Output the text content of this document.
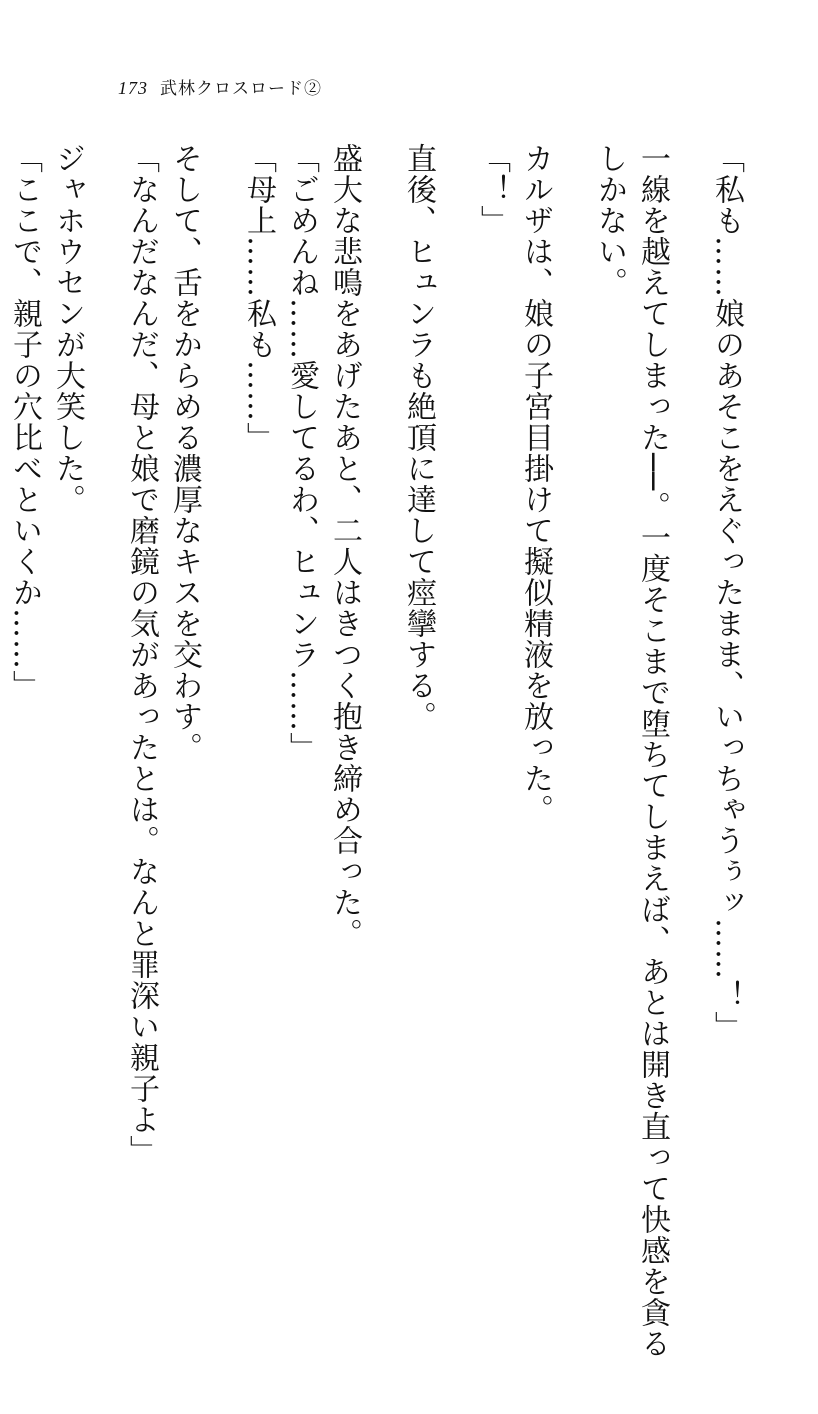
173 武林クロスロード②

「私も……娘のあそこをえぐったまま、いっちゃうぅッ……！」

一線を越えてしまった──。一度そこまで堕ちてしまえば、あとは開き直って快感を貪る

しかない。

カルザは、娘の子宮目掛けて擬似精液を放った。

「！」

直後、ヒュンラも絶頂に達して痙攣する。

盛大な悲鳴をあげたあと、二人はきつく抱き締め合った。

「ごめんね……愛してるわ、ヒュンラ……」

「母上……私も……」

そして、舌をからめる濃厚なキスを交わす。

「なんだなんだ、母と娘で磨鏡の気があったとは。なんと罪深い親子よ」

ジャホウセンが大笑した。

「ここで、親子の穴比べといくか……」
